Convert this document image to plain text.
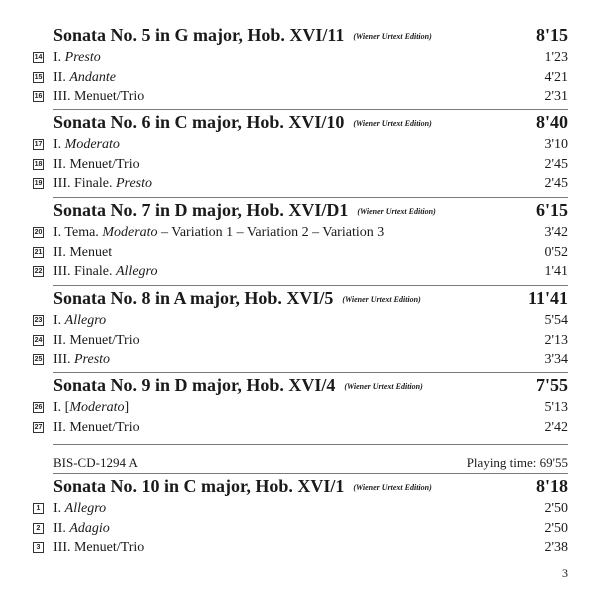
Sonata No. 5 in G major, Hob. XVI/11 (Wiener Urtext Edition)	8'15
14 I. Presto	1'23
15 II. Andante	4'21
16 III. Menuet/Trio	2'31
Sonata No. 6 in C major, Hob. XVI/10 (Wiener Urtext Edition)	8'40
17 I. Moderato	3'10
18 II. Menuet/Trio	2'45
19 III. Finale. Presto	2'45
Sonata No. 7 in D major, Hob. XVI/D1 (Wiener Urtext Edition)	6'15
20 I. Tema. Moderato – Variation 1 – Variation 2 – Variation 3	3'42
21 II. Menuet	0'52
22 III. Finale. Allegro	1'41
Sonata No. 8 in A major, Hob. XVI/5 (Wiener Urtext Edition)	11'41
23 I. Allegro	5'54
24 II. Menuet/Trio	2'13
25 III. Presto	3'34
Sonata No. 9 in D major, Hob. XVI/4 (Wiener Urtext Edition)	7'55
26 I. [Moderato]	5'13
27 II. Menuet/Trio	2'42
Sonata No. 10 in C major, Hob. XVI/1 (Wiener Urtext Edition)	8'18
1 I. Allegro	2'50
2 II. Adagio	2'50
3 III. Menuet/Trio	2'38
BIS-CD-1294 A	Playing time: 69'55
3
